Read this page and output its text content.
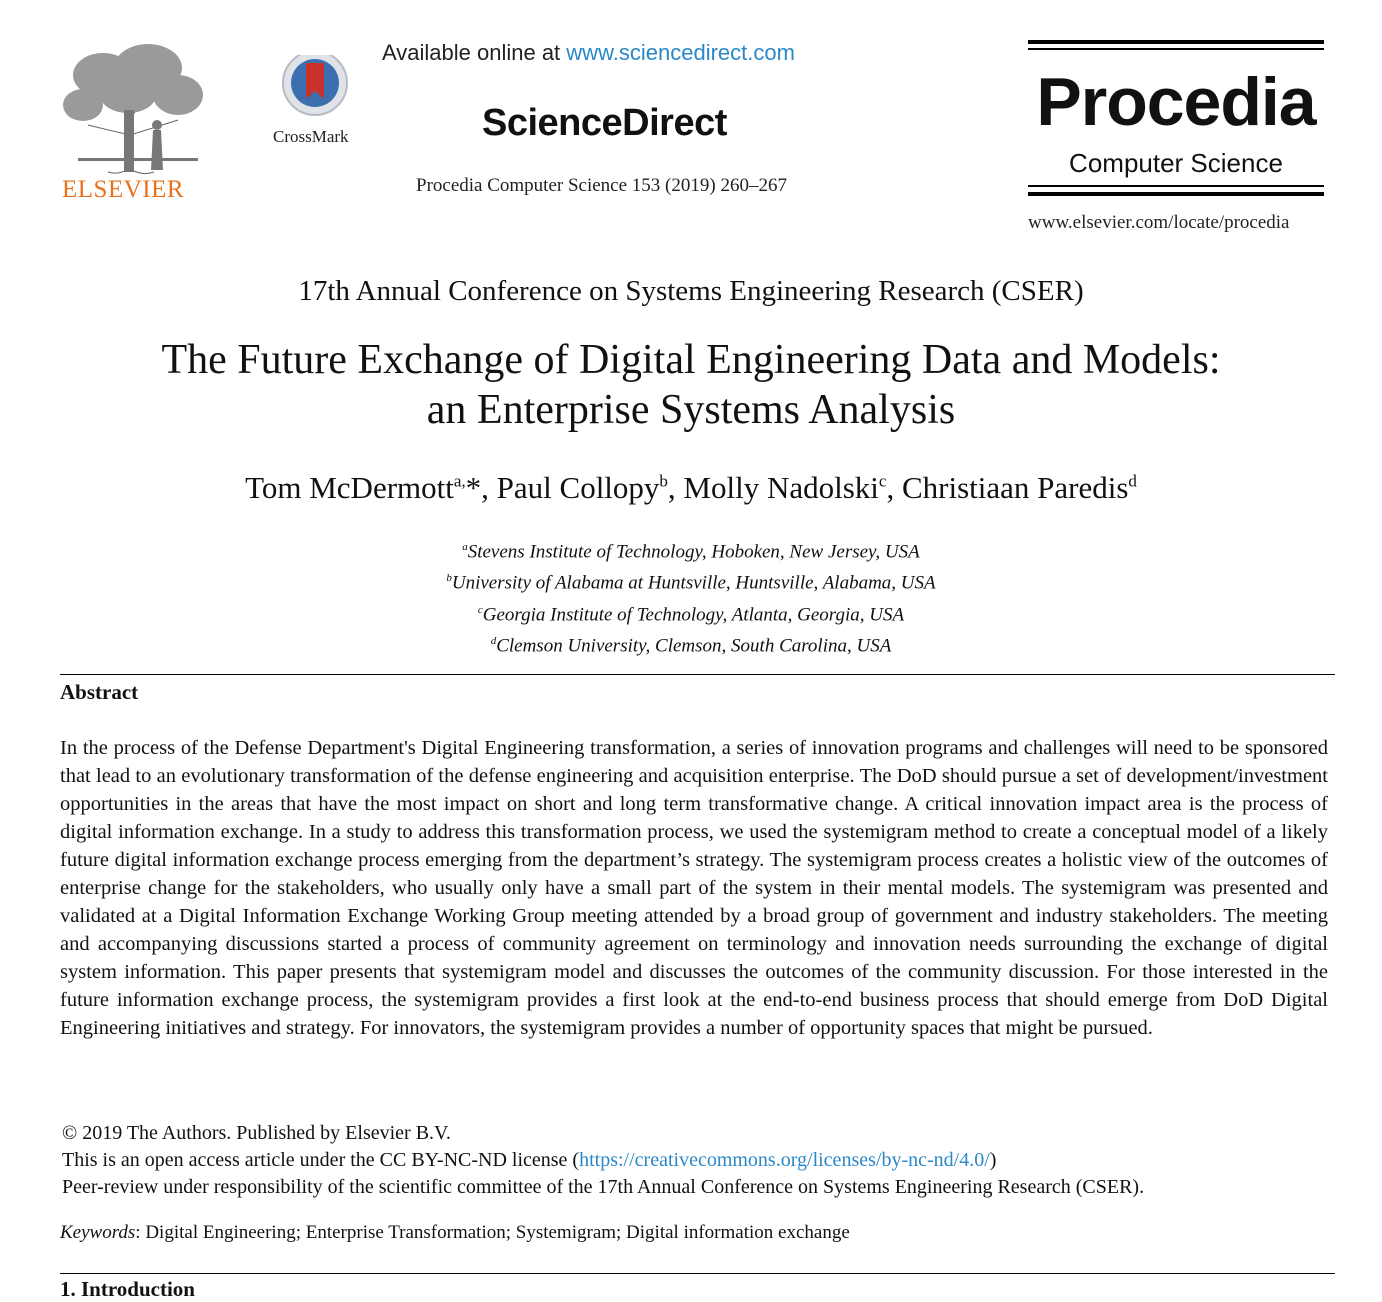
ELSEVIER
CrossMark
Available online at www.sciencedirect.com
ScienceDirect
Procedia Computer Science 153 (2019) 260–267
Procedia
Computer Science
www.elsevier.com/locate/procedia
17th Annual Conference on Systems Engineering Research (CSER)
The Future Exchange of Digital Engineering Data and Models:
an Enterprise Systems Analysis
Tom McDermott$^{a,}$*, Paul Collopy$^b$, Molly Nadolski$^c$, Christiaan Paredis$^d$
$^a$Stevens Institute of Technology, Hoboken, New Jersey, USA
$^b$University of Alabama at Huntsville, Huntsville, Alabama, USA
$^c$Georgia Institute of Technology, Atlanta, Georgia, USA
$^d$Clemson University, Clemson, South Carolina, USA
Abstract
In the process of the Defense Department's Digital Engineering transformation, a series of innovation programs and challenges will need to be sponsored that lead to an evolutionary transformation of the defense engineering and acquisition enterprise. The DoD should pursue a set of development/investment opportunities in the areas that have the most impact on short and long term transformative change. A critical innovation impact area is the process of digital information exchange. In a study to address this transformation process, we used the systemigram method to create a conceptual model of a likely future digital information exchange process emerging from the department’s strategy. The systemigram process creates a holistic view of the outcomes of enterprise change for the stakeholders, who usually only have a small part of the system in their mental models. The systemigram was presented and validated at a Digital Information Exchange Working Group meeting attended by a broad group of government and industry stakeholders. The meeting and accompanying discussions started a process of community agreement on terminology and innovation needs surrounding the exchange of digital system information. This paper presents that systemigram model and discusses the outcomes of the community discussion. For those interested in the future information exchange process, the systemigram provides a first look at the end-to-end business process that should emerge from DoD Digital Engineering initiatives and strategy. For innovators, the systemigram provides a number of opportunity spaces that might be pursued.
© 2019 The Authors. Published by Elsevier B.V.
This is an open access article under the CC BY-NC-ND license (https://creativecommons.org/licenses/by-nc-nd/4.0/)
Peer-review under responsibility of the scientific committee of the 17th Annual Conference on Systems Engineering Research (CSER).
Keywords: Digital Engineering; Enterprise Transformation; Systemigram; Digital information exchange
1. Introduction
